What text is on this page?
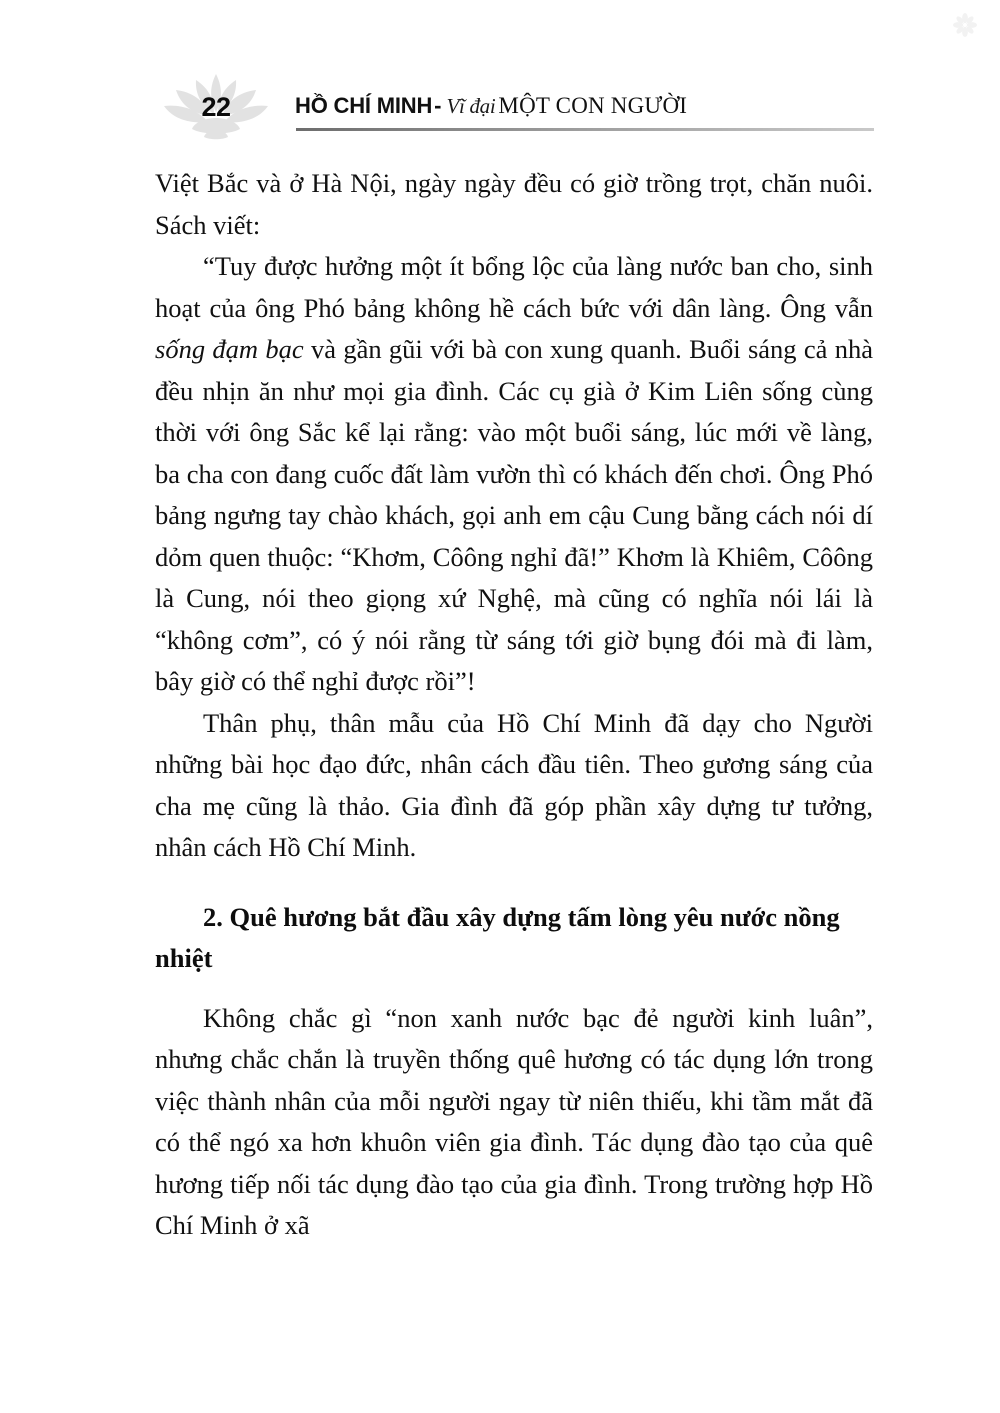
22	HỒ CHÍ MINH- Vĩ đại MỘT CON NGƯỜI

Việt Bắc và ở Hà Nội, ngày ngày đều có giờ trồng trọt, chăn nuôi. Sách viết:

“Tuy được hưởng một ít bổng lộc của làng nước ban cho, sinh hoạt của ông Phó bảng không hề cách bức với dân làng. Ông vẫn sống đạm bạc và gần gũi với bà con xung quanh. Buổi sáng cả nhà đều nhịn ăn như mọi gia đình. Các cụ già ở Kim Liên sống cùng thời với ông Sắc kể lại rằng: vào một buổi sáng, lúc mới về làng, ba cha con đang cuốc đất làm vườn thì có khách đến chơi. Ông Phó bảng ngưng tay chào khách, gọi anh em cậu Cung bằng cách nói dí dỏm quen thuộc: “Khơm, Côông nghỉ đã!” Khơm là Khiêm, Côông là Cung, nói theo giọng xứ Nghệ, mà cũng có nghĩa nói lái là “không cơm”, có ý nói rằng từ sáng tới giờ bụng đói mà đi làm, bây giờ có thể nghỉ được rồi”!

Thân phụ, thân mẫu của Hồ Chí Minh đã dạy cho Người những bài học đạo đức, nhân cách đầu tiên. Theo gương sáng của cha mẹ cũng là thảo. Gia đình đã góp phần xây dựng tư tưởng, nhân cách Hồ Chí Minh.

2. Quê hương bắt đầu xây dựng tấm lòng yêu nước nồng nhiệt

Không chắc gì “non xanh nước bạc đẻ người kinh luân”, nhưng chắc chắn là truyền thống quê hương có tác dụng lớn trong việc thành nhân của mỗi người ngay từ niên thiếu, khi tầm mắt đã có thể ngó xa hơn khuôn viên gia đình. Tác dụng đào tạo của quê hương tiếp nối tác dụng đào tạo của gia đình. Trong trường hợp Hồ Chí Minh ở xã
